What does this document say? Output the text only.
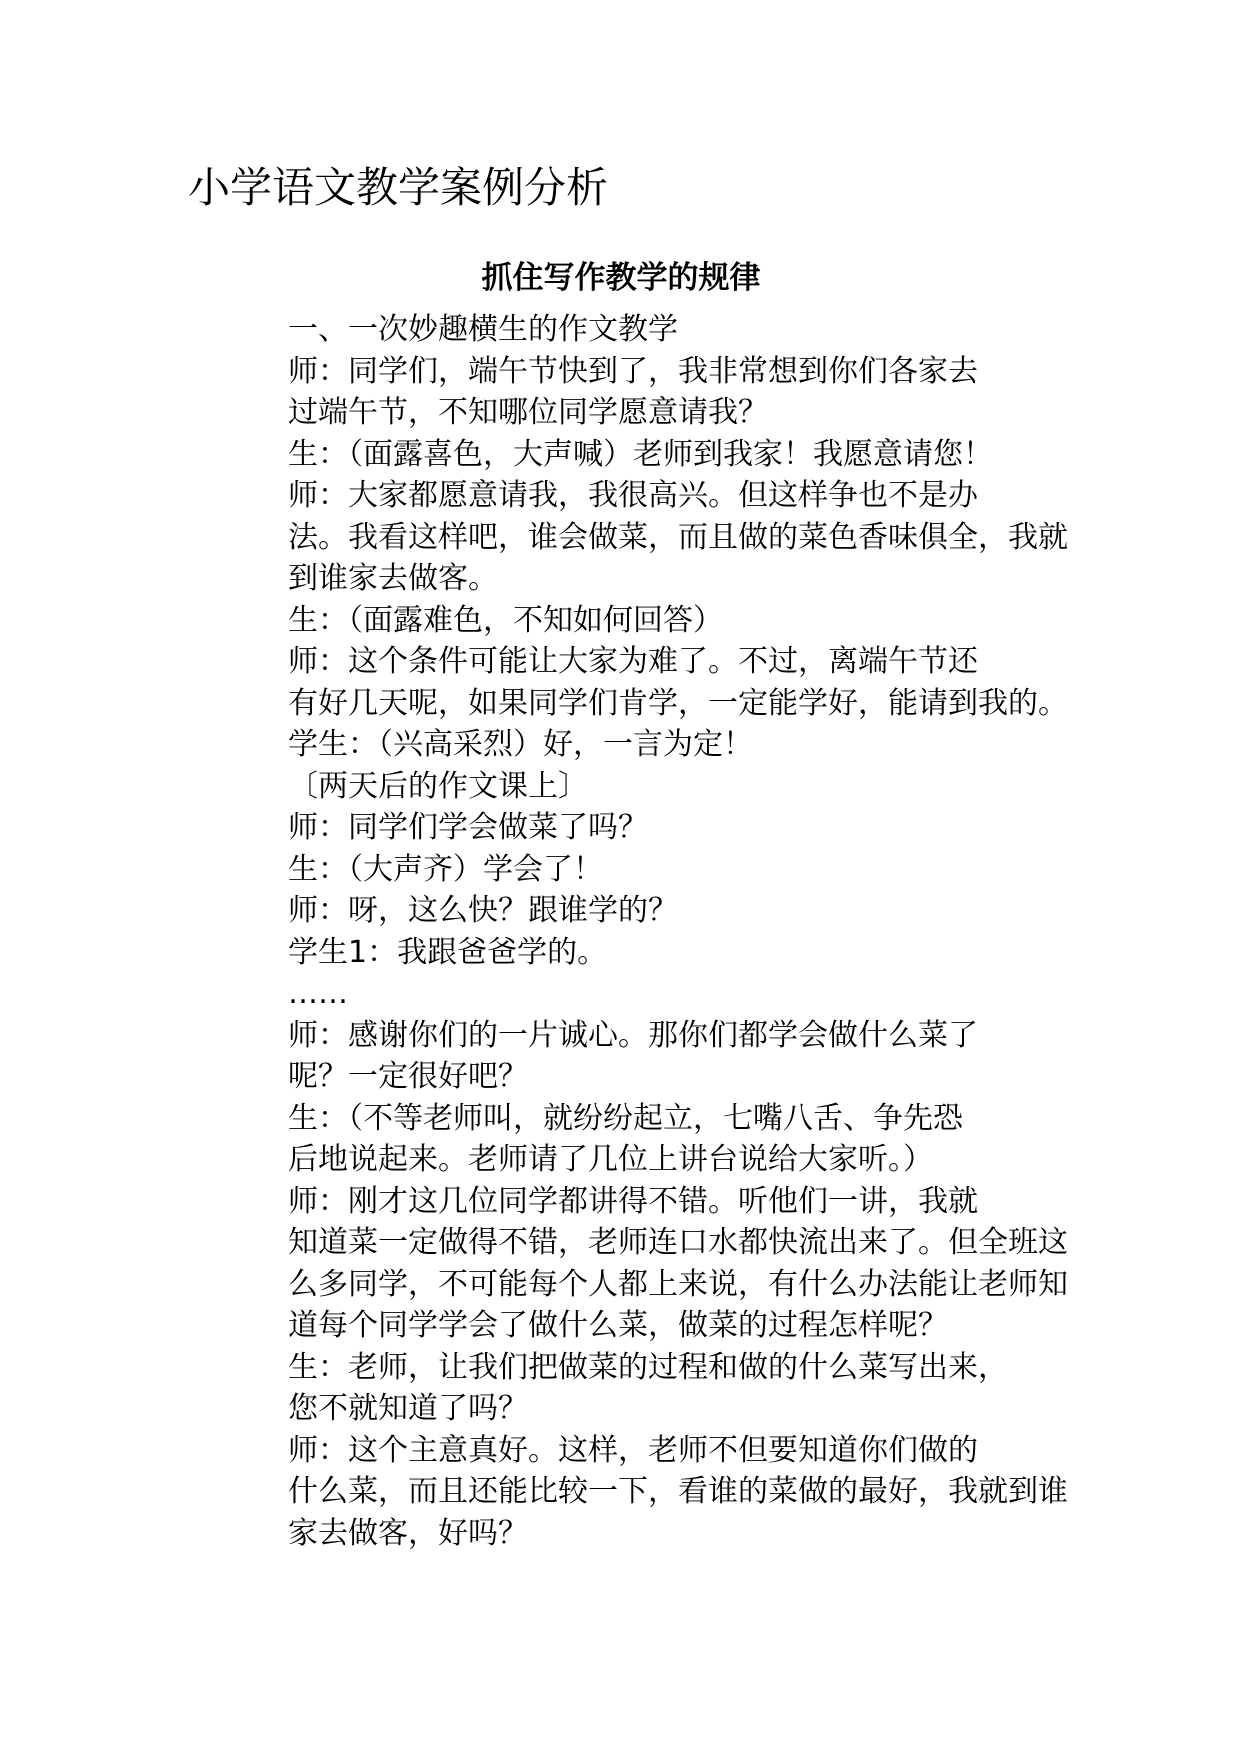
小学语文教学案例分析
抓住写作教学的规律

一、一次妙趣横生的作文教学

师：同学们，端午节快到了，我非常想到你们各家去
过端午节，不知哪位同学愿意请我？

生：（面露喜色，大声喊）老师到我家！我愿意请您！

师：大家都愿意请我，我很高兴。但这样争也不是办
法。我看这样吧，谁会做菜，而且做的菜色香味俱全，我就
到谁家去做客。

生：（面露难色，不知如何回答）

师：这个条件可能让大家为难了。不过，离端午节还
有好几天呢，如果同学们肯学，一定能学好，能请到我的。

学生：（兴高采烈）好，一言为定！

〔两天后的作文课上〕

师：同学们学会做菜了吗？

生：（大声齐）学会了！

师：呀，这么快？跟谁学的？

学生1：我跟爸爸学的。

……

师：感谢你们的一片诚心。那你们都学会做什么菜了
呢？一定很好吧？

生：（不等老师叫，就纷纷起立，七嘴八舌、争先恐
后地说起来。老师请了几位上讲台说给大家听。）

师：刚才这几位同学都讲得不错。听他们一讲，我就
知道菜一定做得不错，老师连口水都快流出来了。但全班这
么多同学，不可能每个人都上来说，有什么办法能让老师知
道每个同学学会了做什么菜，做菜的过程怎样呢？

生：老师，让我们把做菜的过程和做的什么菜写出来，
您不就知道了吗？

师：这个主意真好。这样，老师不但要知道你们做的
什么菜，而且还能比较一下，看谁的菜做的最好，我就到谁
家去做客，好吗？
